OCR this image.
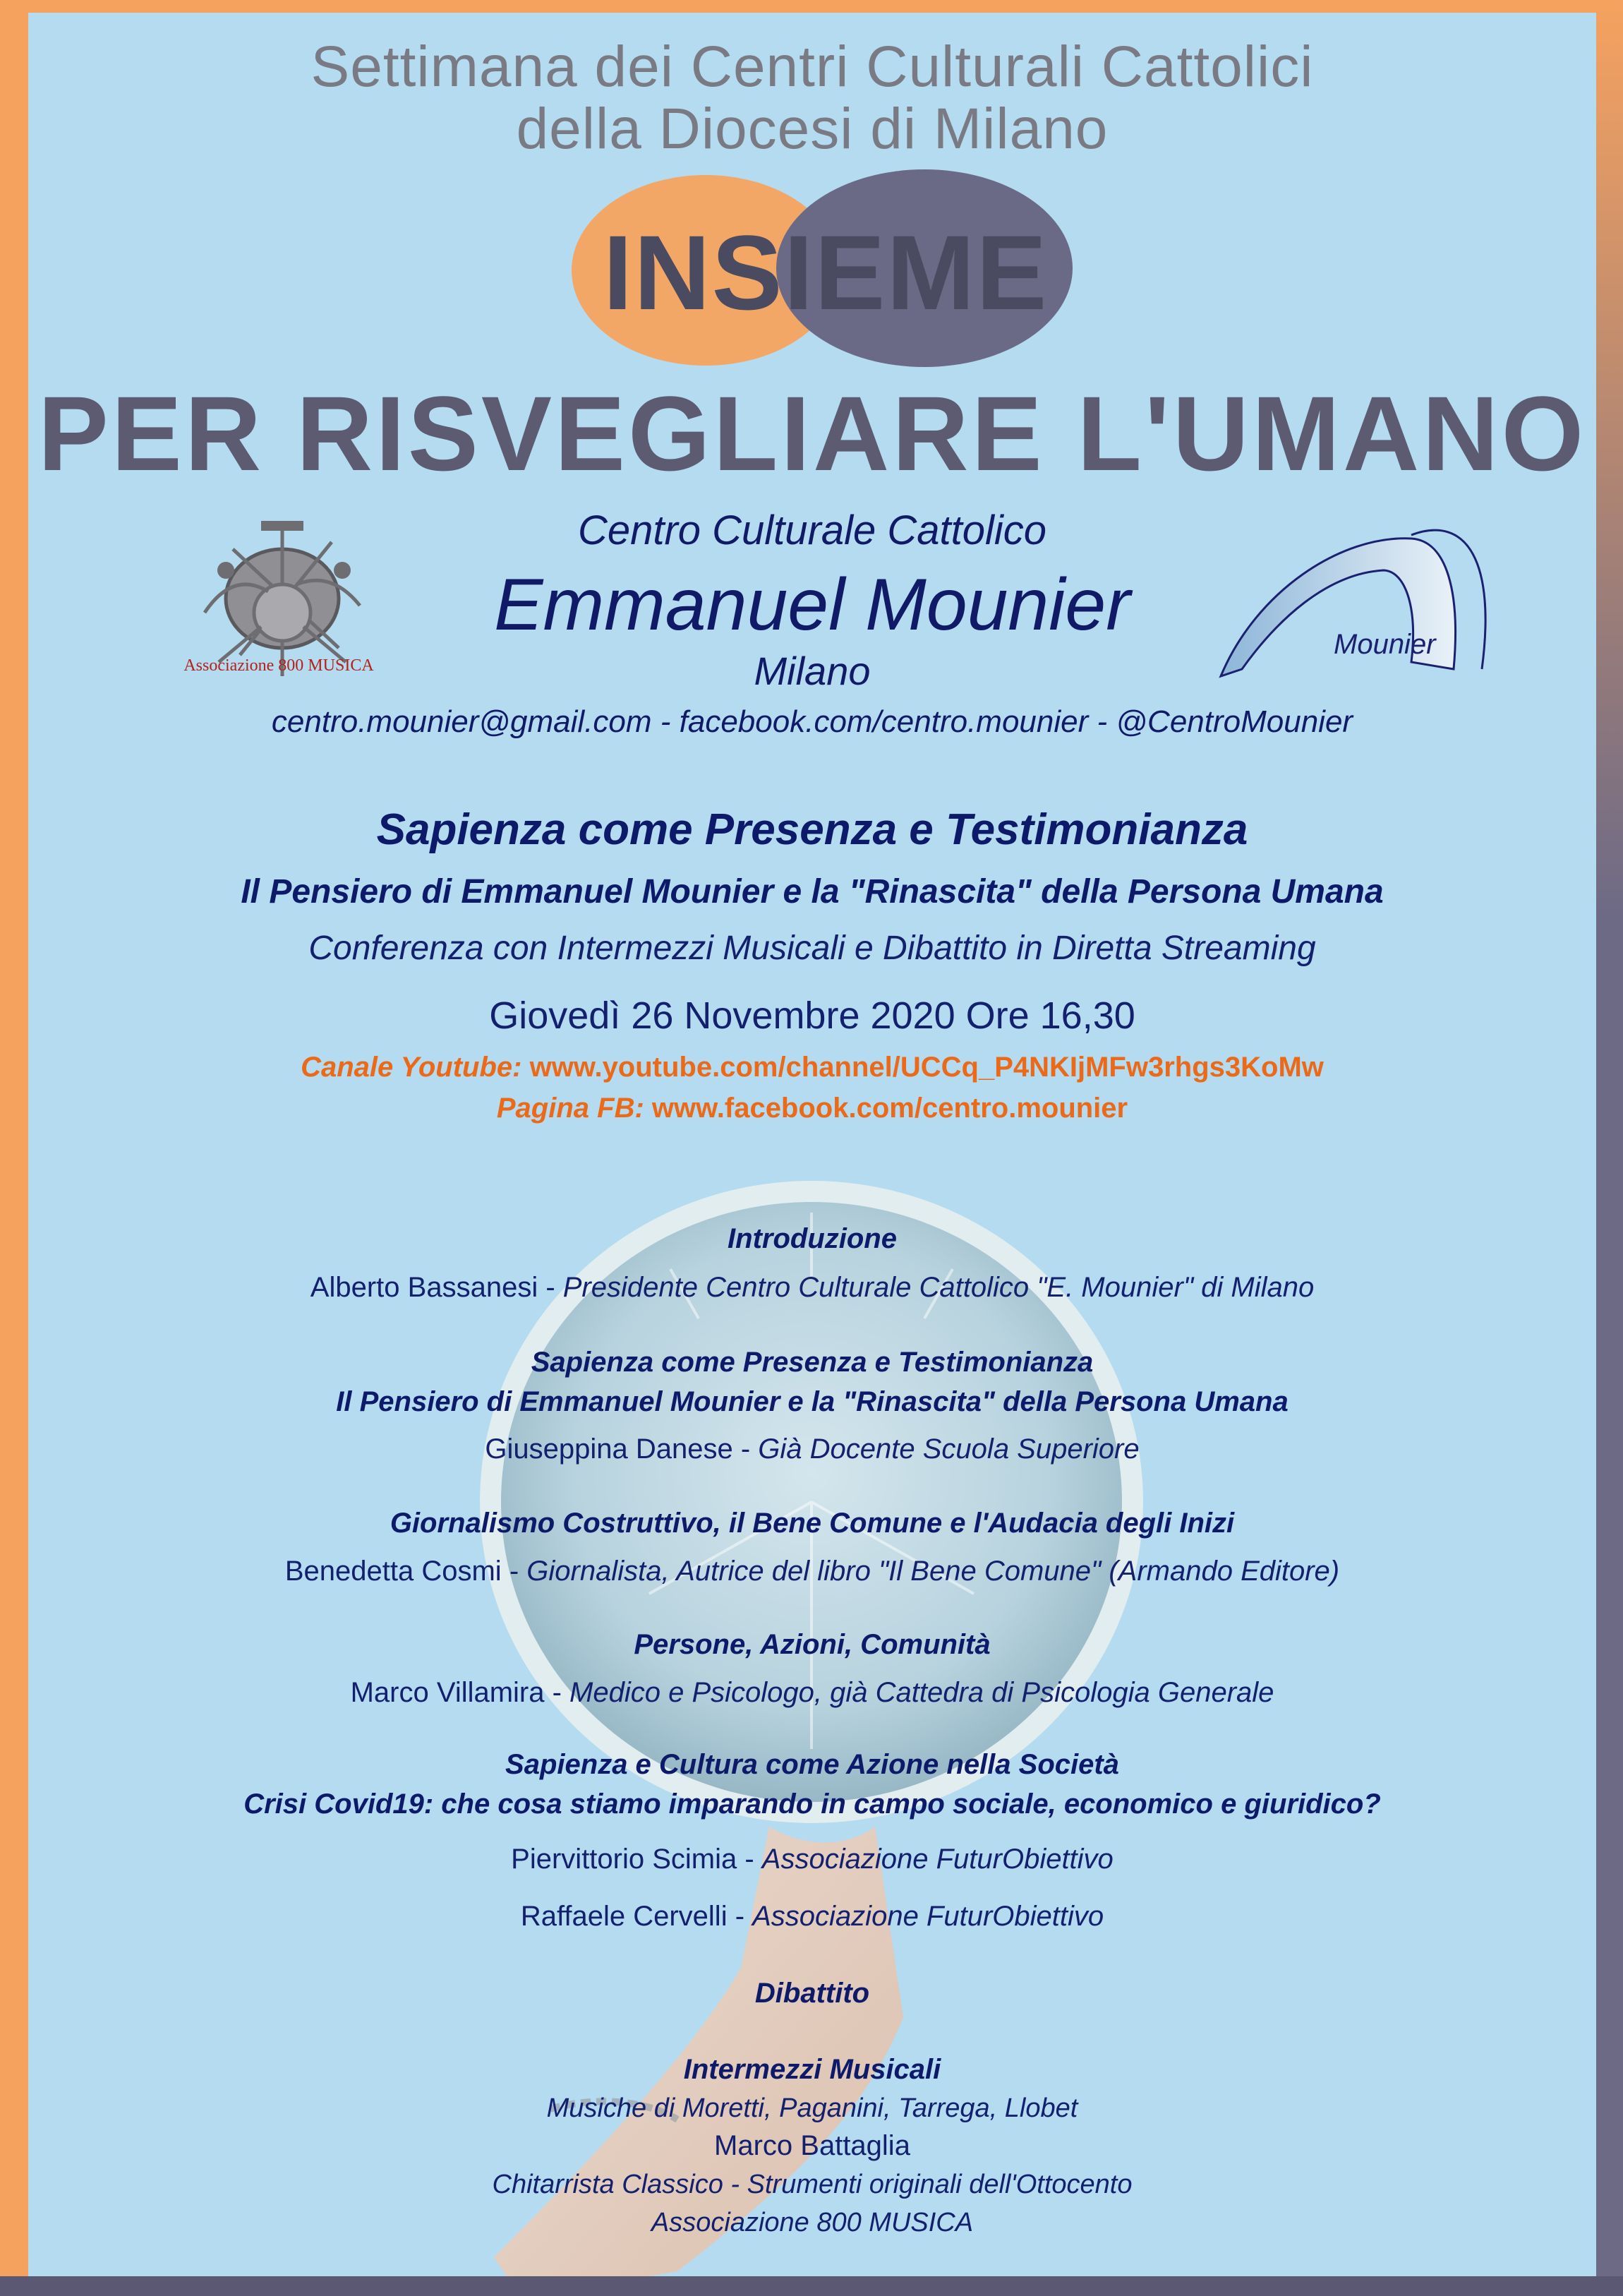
Settimana dei Centri Culturali Cattolici
della Diocesi di Milano
INSIEME
PER RISVEGLIARE L'UMANO
Associazione 800 MUSICA
Mounier
Centro Culturale Cattolico
Emmanuel Mounier
Milano
centro.mounier@gmail.com - facebook.com/centro.mounier - @CentroMounier
Sapienza come Presenza e Testimonianza
Il Pensiero di Emmanuel Mounier e la "Rinascita" della Persona Umana
Conferenza con Intermezzi Musicali e Dibattito in Diretta Streaming
Giovedì 26 Novembre 2020 Ore 16,30
Canale Youtube: www.youtube.com/channel/UCCq_P4NKIjMFw3rhgs3KoMw
Pagina FB: www.facebook.com/centro.mounier
Introduzione
Alberto Bassanesi - Presidente Centro Culturale Cattolico "E. Mounier" di Milano
Sapienza come Presenza e Testimonianza
Il Pensiero di Emmanuel Mounier e la "Rinascita" della Persona Umana
Giuseppina Danese - Già Docente Scuola Superiore
Giornalismo Costruttivo, il Bene Comune e l'Audacia degli Inizi
Benedetta Cosmi - Giornalista, Autrice del libro "Il Bene Comune" (Armando Editore)
Persone, Azioni, Comunità
Marco Villamira - Medico e Psicologo, già Cattedra di Psicologia Generale
Sapienza e Cultura come Azione nella Società
Crisi Covid19: che cosa stiamo imparando in campo sociale, economico e giuridico?
Piervittorio Scimia - Associazione FuturObiettivo
Raffaele Cervelli - Associazione FuturObiettivo
Dibattito
Intermezzi Musicali
Musiche di Moretti, Paganini, Tarrega, Llobet
Marco Battaglia
Chitarrista Classico - Strumenti originali dell'Ottocento
Associazione 800 MUSICA
